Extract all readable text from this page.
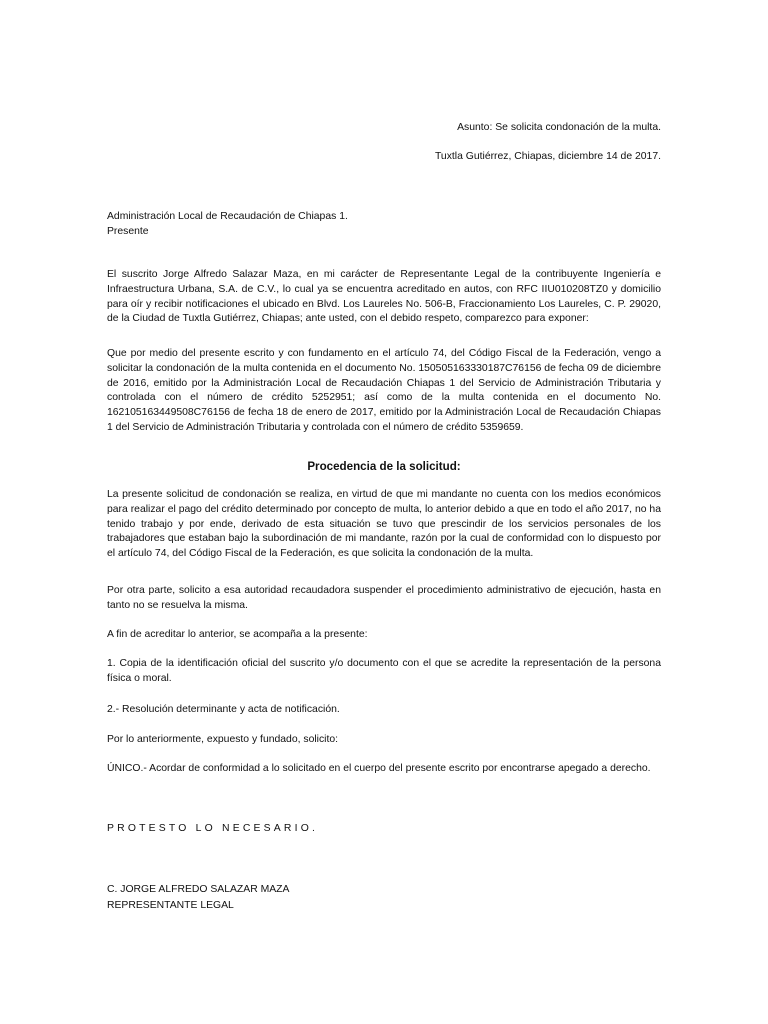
Asunto: Se solicita condonación de la multa.
Tuxtla Gutiérrez, Chiapas, diciembre 14 de 2017.
Administración Local de Recaudación de Chiapas 1.
Presente
El suscrito Jorge Alfredo Salazar Maza, en mi carácter de Representante Legal de la contribuyente Ingeniería e Infraestructura Urbana, S.A. de C.V., lo cual ya se encuentra acreditado en autos, con RFC IIU010208TZ0 y domicilio para oír y recibir notificaciones el ubicado en Blvd. Los Laureles No. 506-B, Fraccionamiento Los Laureles, C. P. 29020, de la Ciudad de Tuxtla Gutiérrez, Chiapas; ante usted, con el debido respeto, comparezco para exponer:
Que por medio del presente escrito y con fundamento en el artículo 74, del Código Fiscal de la Federación, vengo a solicitar la condonación de la multa contenida en el documento No. 150505163330187C76156 de fecha 09 de diciembre de 2016, emitido por la Administración Local de Recaudación Chiapas 1 del Servicio de Administración Tributaria y controlada con el número de crédito 5252951; así como de la multa contenida en el documento No. 162105163449508C76156 de fecha 18 de enero de 2017, emitido por la Administración Local de Recaudación Chiapas 1 del Servicio de Administración Tributaria y controlada con el número de crédito 5359659.
Procedencia de la solicitud:
La presente solicitud de condonación se realiza, en virtud de que mi mandante no cuenta con los medios económicos para realizar el pago del crédito determinado por concepto de multa, lo anterior debido a que en todo el año 2017, no ha tenido trabajo y por ende, derivado de esta situación se tuvo que prescindir de los servicios personales de los trabajadores que estaban bajo la subordinación de mi mandante, razón por la cual de conformidad con lo dispuesto por el artículo 74, del Código Fiscal de la Federación, es que solicita la condonación de la multa.
Por otra parte, solicito a esa autoridad recaudadora suspender el procedimiento administrativo de ejecución, hasta en tanto no se resuelva la misma.
A fin de acreditar lo anterior, se acompaña a la presente:
1. Copia de la identificación oficial del suscrito y/o documento con el que se acredite la representación de la persona física o moral.
2.- Resolución determinante y acta de notificación.
Por lo anteriormente, expuesto y fundado, solicito:
ÚNICO.- Acordar de conformidad a lo solicitado en el cuerpo del presente escrito por encontrarse apegado a derecho.
PROTESTO LO NECESARIO.
C. JORGE ALFREDO SALAZAR MAZA
REPRESENTANTE LEGAL
